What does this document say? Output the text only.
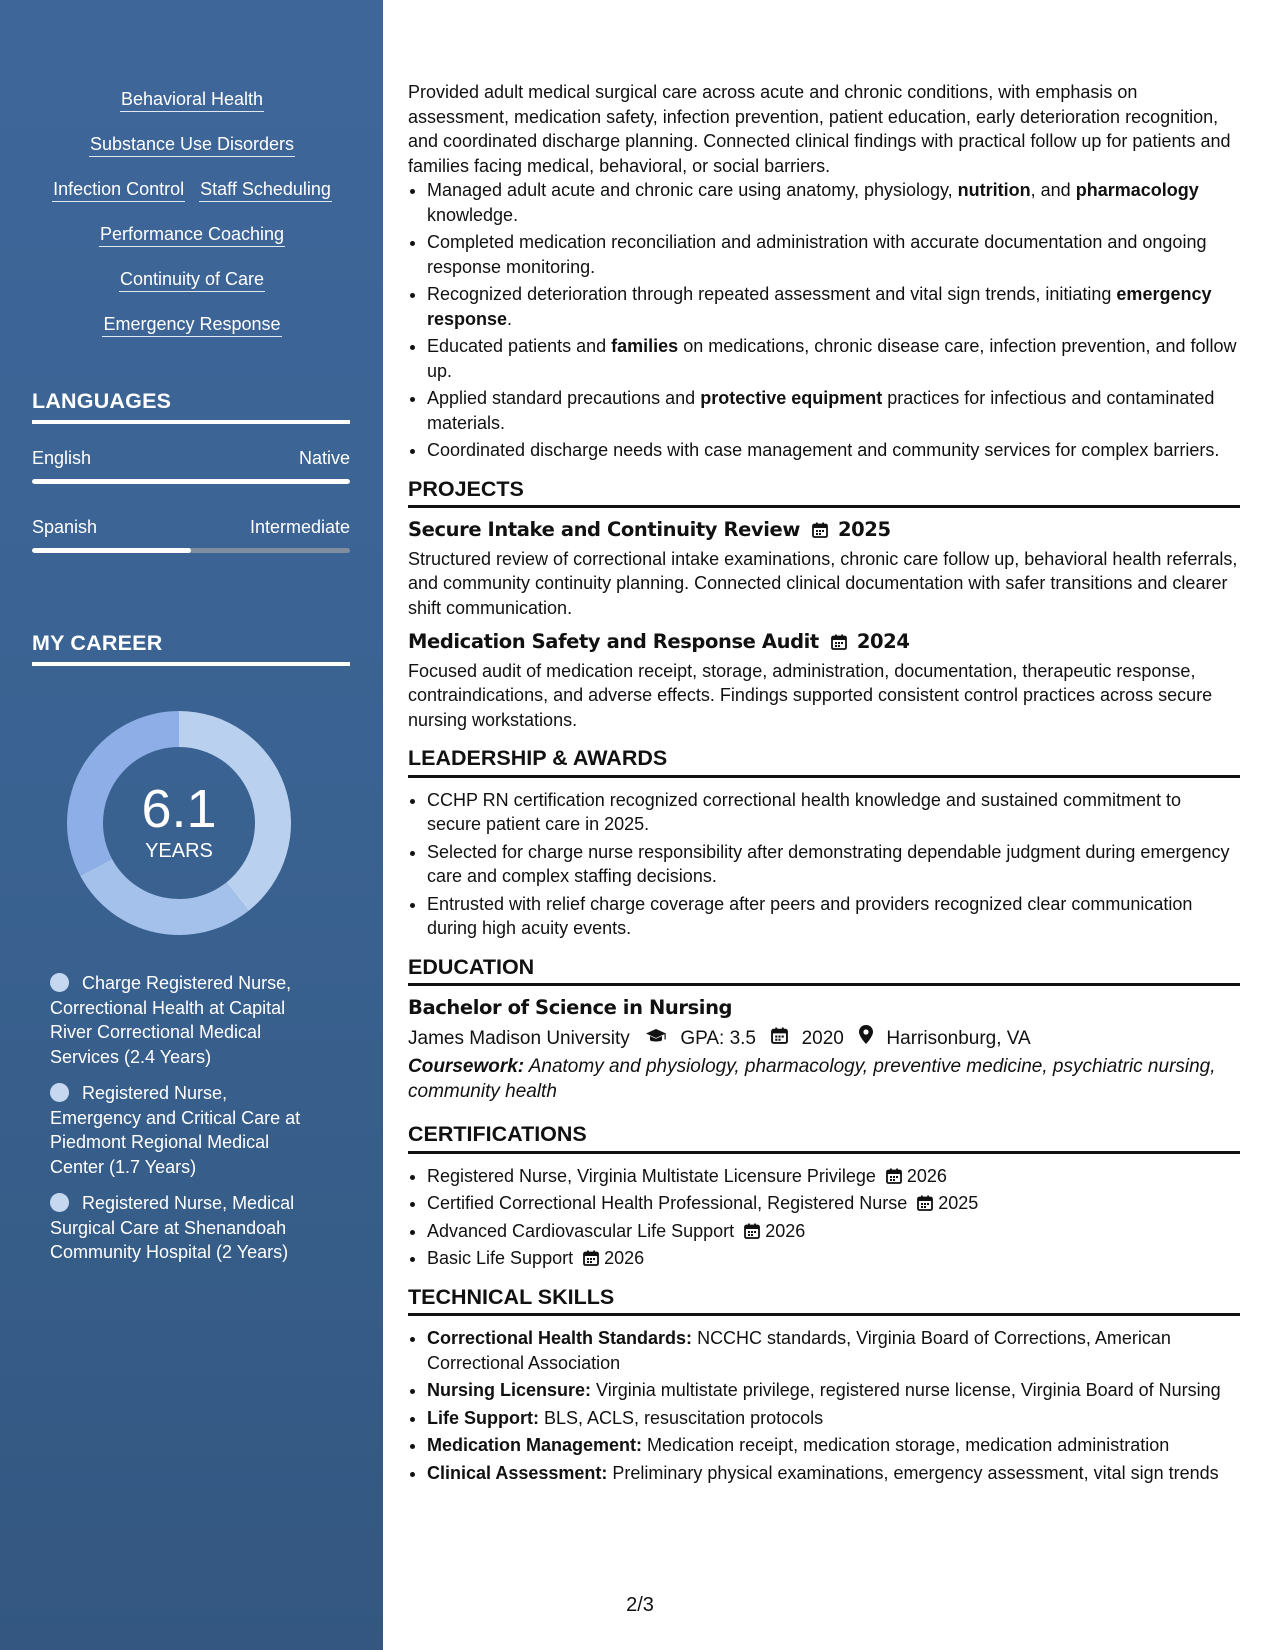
Behavioral Health
Substance Use Disorders
Infection Control Staff Scheduling
Performance Coaching
Continuity of Care
Emergency Response
LANGUAGES
English	Native
Spanish	Intermediate
MY CAREER
6.1
YEARS
Charge Registered Nurse, Correctional Health at Capital River Correctional Medical Services (2.4 Years)
Registered Nurse, Emergency and Critical Care at Piedmont Regional Medical Center (1.7 Years)
Registered Nurse, Medical Surgical Care at Shenandoah Community Hospital (2 Years)

Provided adult medical surgical care across acute and chronic conditions, with emphasis on assessment, medication safety, infection prevention, patient education, early deterioration recognition, and coordinated discharge planning. Connected clinical findings with practical follow up for patients and families facing medical, behavioral, or social barriers.

• Managed adult acute and chronic care using anatomy, physiology, nutrition, and pharmacology knowledge.
• Completed medication reconciliation and administration with accurate documentation and ongoing response monitoring.
• Recognized deterioration through repeated assessment and vital sign trends, initiating emergency response.
• Educated patients and families on medications, chronic disease care, infection prevention, and follow up.
• Applied standard precautions and protective equipment practices for infectious and contaminated materials.
• Coordinated discharge needs with case management and community services for complex barriers.
PROJECTS
Secure Intake and Continuity Review 2025

Structured review of correctional intake examinations, chronic care follow up, behavioral health referrals, and community continuity planning. Connected clinical documentation with safer transitions and clearer shift communication.

Medication Safety and Response Audit 2024

Focused audit of medication receipt, storage, administration, documentation, therapeutic response, contraindications, and adverse effects. Findings supported consistent control practices across secure nursing workstations.

LEADERSHIP & AWARDS
• CCHP RN certification recognized correctional health knowledge and sustained commitment to secure patient care in 2025.
• Selected for charge nurse responsibility after demonstrating dependable judgment during emergency care and complex staffing decisions.
• Entrusted with relief charge coverage after peers and providers recognized clear communication during high acuity events.
EDUCATION
Bachelor of Science in Nursing
James Madison University	GPA: 3.5 2020 Harrisonburg, VA
Coursework: Anatomy and physiology, pharmacology, preventive medicine, psychiatric nursing, community health
CERTIFICATIONS
• Registered Nurse, Virginia Multistate Licensure Privilege 2026
• Certified Correctional Health Professional, Registered Nurse 2025
• Advanced Cardiovascular Life Support 2026
• Basic Life Support 2026
TECHNICAL SKILLS
• Correctional Health Standards: NCCHC standards, Virginia Board of Corrections, American Correctional Association
• Nursing Licensure: Virginia multistate privilege, registered nurse license, Virginia Board of Nursing
• Life Support: BLS, ACLS, resuscitation protocols
• Medication Management: Medication receipt, medication storage, medication administration
• Clinical Assessment: Preliminary physical examinations, emergency assessment, vital sign trends
2/3
